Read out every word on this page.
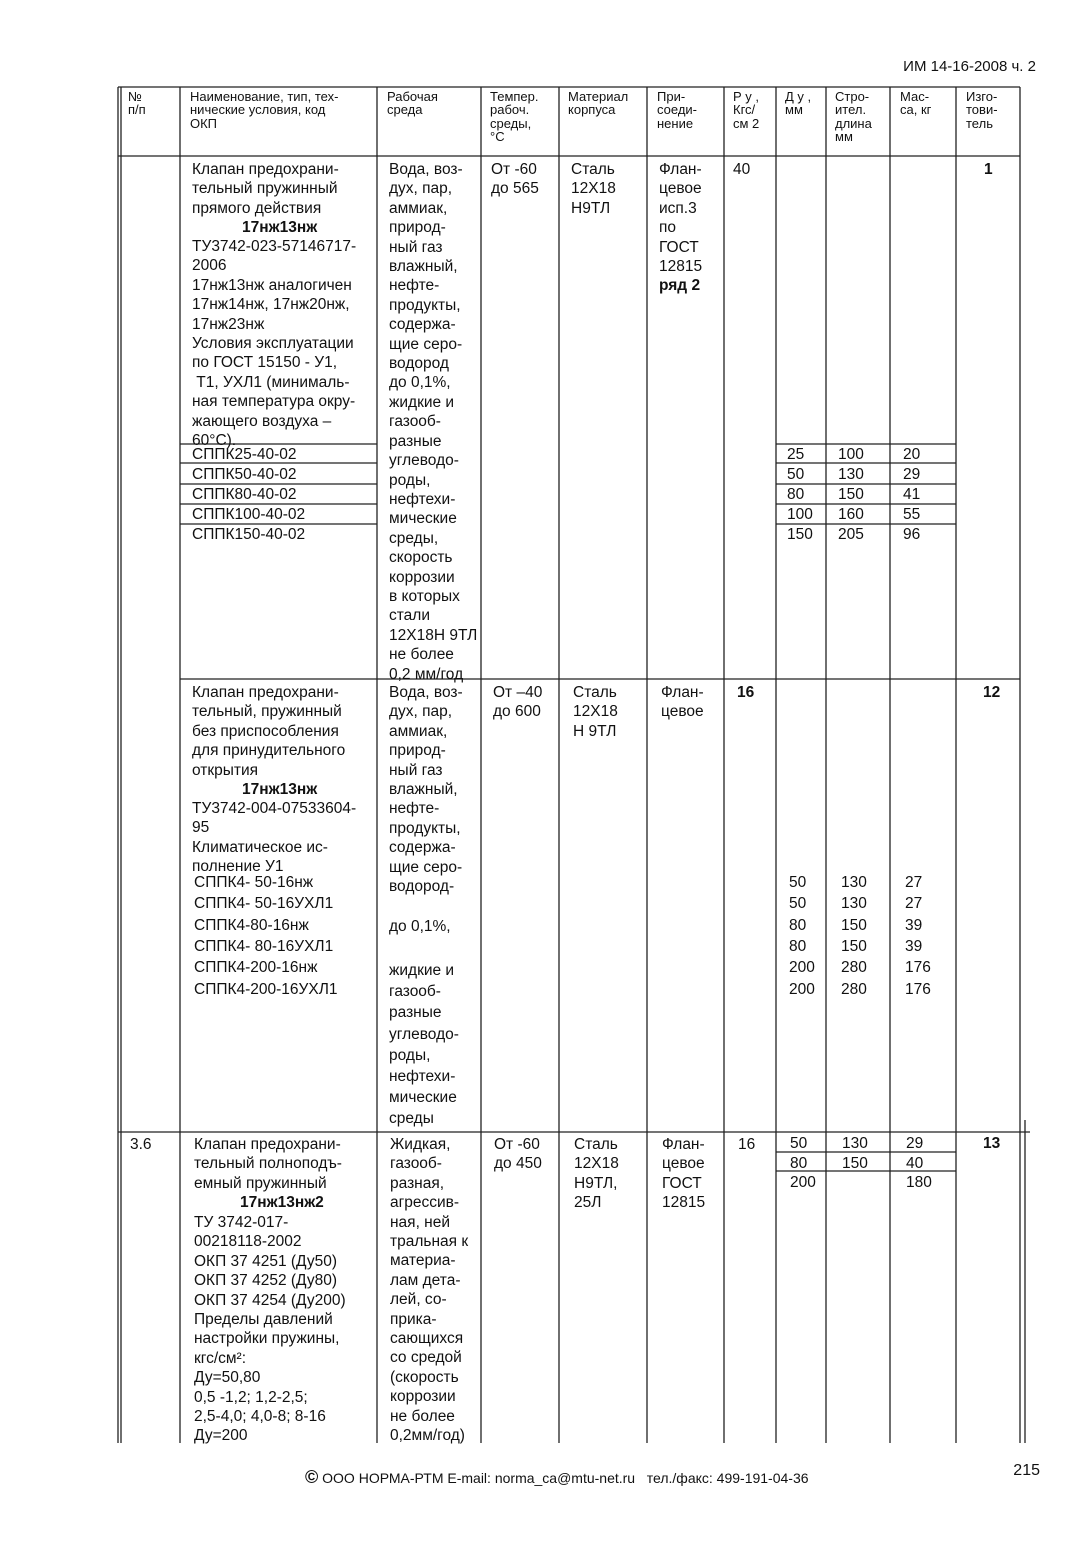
ИМ 14-16-2008 ч. 2
№
п/п
Наименование, тип, тех-
нические условия, код
ОКП
Рабочая
среда
Темпер.
рабоч.
среды,
°С
Материал
корпуса
При-
соеди-
нение
Р у ,
Кгс/
см 2
Д у ,
мм
Стро-
ител.
длина
мм
Мас-
са, кг
Изго-
тови-
тель
Клапан предохрани-
тельный пружинный
прямого действия
17нж13нж
ТУ3742-023-57146717-
2006
17нж13нж аналогичен
17нж14нж, 17нж20нж,
17нж23нж
Условия эксплуатации
по ГОСТ 15150 - У1,
Т1, УХЛ1 (минималь-
ная температура окру-
жающего воздуха –
60°С).
СППК25-40-02
СППК50-40-02
СППК80-40-02
СППК100-40-02
СППК150-40-02
Вода, воз-
дух, пар,
аммиак,
природ-
ный газ
влажный,
нефте-
продукты,
содержа-
щие серо-
водород
до 0,1%,
жидкие и
газооб-
разные
углеводо-
роды,
нефтехи-
мические
среды,
скорость
коррозии
в которых
стали
12Х18Н 9ТЛ
не более
0,2 мм/год
От -60
до 565
Сталь
12Х18
Н9ТЛ
Флан-
цевое
исп.3
по
ГОСТ
12815
ряд 2
40
25
50
80
100
150
100
130
150
160
205
20
29
41
55
96
1
Клапан предохрани-
тельный, пружинный
без приспособления
для принудительного
открытия
17нж13нж
ТУ3742-004-07533604-
95
Климатическое ис-
полнение У1
СППК4- 50-16нж
СППК4- 50-16УХЛ1
СППК4-80-16нж
СППК4- 80-16УХЛ1
СППК4-200-16нж
СППК4-200-16УХЛ1
Вода, воз-
дух, пар,
аммиак,
природ-
ный газ
влажный,
нефте-
продукты,
содержа-
щие серо-
водород-
до 0,1%,
жидкие и
газооб-
разные
углеводо-
роды,
нефтехи-
мические
среды
От –40
до 600
Сталь
12Х18
Н 9ТЛ
Флан-
цевое
16
50
50
80
80
200
200
130
130
150
150
280
280
27
27
39
39
176
176
12
3.6	Клапан предохрани-
тельный полноподъ-
емный пружинный
17нж13нж2
ТУ 3742-017-
00218118-2002
ОКП 37 4251 (Ду50)
ОКП 37 4252 (Ду80)
ОКП 37 4254 (Ду200)
Пределы давлений
настройки пружины,
кгс/см²:
Ду=50,80
0,5 -1,2; 1,2-2,5;
2,5-4,0; 4,0-8; 8-16
Ду=200
Жидкая,
газооб-
разная,
агрессив-
ная, ней
тральная к
материа-
лам дета-
лей, со-
прика-
сающихся
со средой
(скорость
коррозии
не более
0,2мм/год)
От -60
до 450
Сталь
12Х18
Н9ТЛ,
25Л
Флан-
цевое
ГОСТ
12815
16 50
80
200
130
150
29
40
180
13
© ООО НОРМА-РТМ E-mail: norma_ca@mtu-net.ru тел./факс: 499-191-04-36	215
